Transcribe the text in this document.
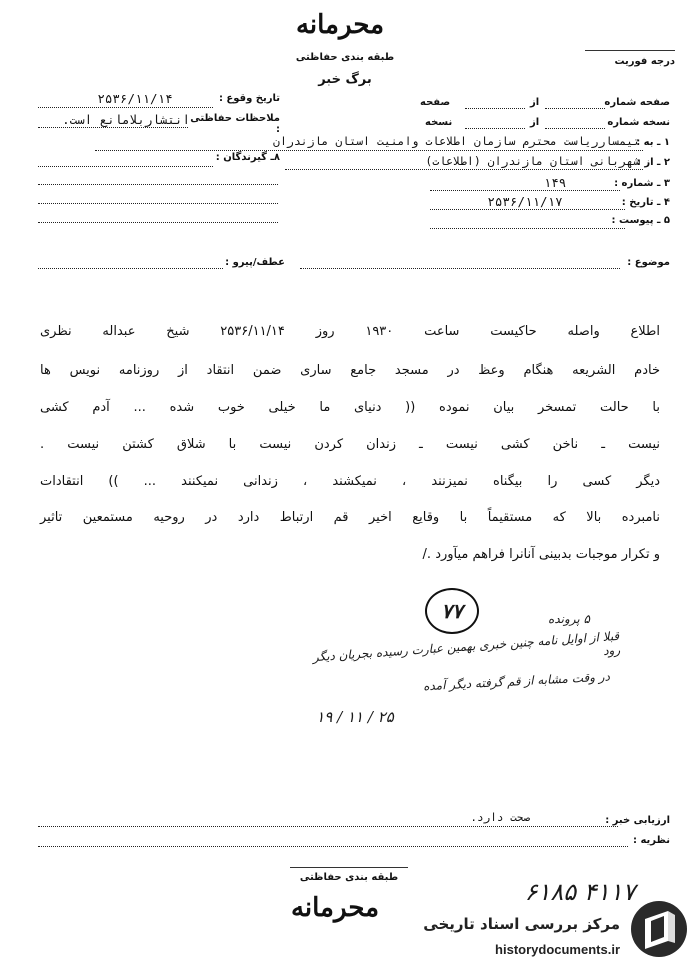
محرمانه
طبقه بندی حفاظتی
برگ خبر
درجه فوریت
صفحه شماره
از
صفحه
نسخه شماره
از
نسخه
تاریخ وقوع :
۲۵۳۶/۱۱/۱۴
ملاحظات حفاظتی :
انتشاربلامانع است.
۸ـ گیرندگان :
۱ ـ به :
تیمسارریاست محترم سازمان اطلاعات وامنیت استان مازندران
۲ ـ از :
شهربانی استان مازندران (اطلاعات)
۳ ـ شماره :
۱۴۹
۴ ـ تاریخ :
۲۵۳۶/۱۱/۱۷
۵ ـ پیوست :
موضوع :
عطف/پیرو :
اطلاع واصله حاکیست ساعت ۱۹۳۰ روز ۲۵۳۶/۱۱/۱۴ شیخ عبداله نظری
خادم الشریعه هنگام وعظ در مسجد جامع ساری ضمن انتقاد از روزنامه نویس ها
با حالت تمسخر بیان نموده (( دنیای ما خیلی خوب شده ... آدم کشی
نیست ـ ناخن کشی نیست ـ زندان کردن نیست با شلاق کشتن نیست .
دیگر کسی را بیگناه نمیزنند ، نمیکشند ، زندانی نمیکنند ... )) انتقادات
نامبرده بالا که مستقیماً با وقایع اخیر قم ارتباط دارد در روحیه مستمعین تاثیر
و تکرار موجبات بدبینی آنانرا فراهم میآورد ./
۷۷	۵ پرونده
قبلا از اوایل نامه چنین خبری بهمین عبارت رسیده بجریان دیگر رود
در وقت مشابه از قم گرفته دیگر آمده
۱۹ / ۱۱ / ۲۵
ارزیابی خبر :
صحت دارد.
نظریه :
طبقه بندی حفاظتی
محرمانه
۶۱۸۵ ۴۱۱۷
مرکز بررسی اسناد تاریخی
historydocuments.ir
